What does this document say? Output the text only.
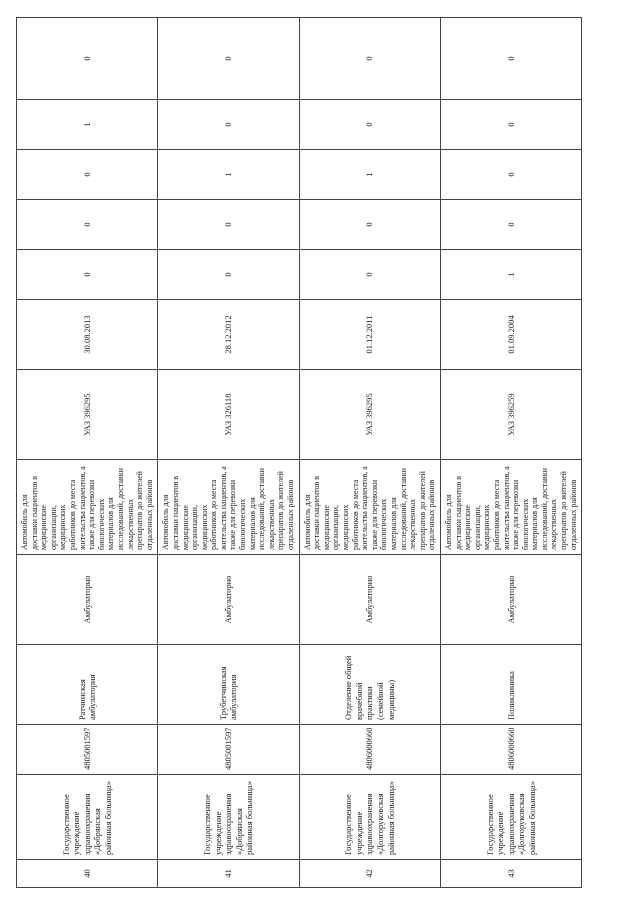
40	Государственное учреждение здравоохранения «Добрянская районная больница»	4805001597	Ратчинская амбулатория	Амбулаторно	Автомобиль для доставки пациентов в медицинские организации, медицинских работников до места жительства пациентов, а также для перевозки биологических материалов для исследований, доставки лекарственных препаратов до жителей отдаленных районов	УАЗ 396295	30.08.2013	0	0	0	1	0
41	Государственное учреждение здравоохранения «Добрянская районная больница»	4805001597	Трубетчинская амбулатория	Амбулаторно	Автомобиль для доставки пациентов в медицинские организации, медицинских работников до места жительства пациентов, а также для перевозки биологических материалов для исследований, доставки лекарственных препаратов до жителей отдаленных районов	УАЗ 326118	28.12.2012	0	0	1	0	0
42	Государственное учреждение здравоохранения «Долгоруковская районная больница»	4806000660	Отделение общей врачебной практики (семейной медицины)	Амбулаторно	Автомобиль для доставки пациентов в медицинские организации, медицинских работников до места жительства пациентов, а также для перевозки биологических материалов для исследований, доставки лекарственных препаратов до жителей отдаленных районов	УАЗ 396295	01.12.2011	0	0	1	0	0
43	Государственное учреждение здравоохранения «Долгоруковская районная больница»	4806000660	Поликлиника	Амбулаторно	Автомобиль для доставки пациентов в медицинские организации, медицинских работников до места жительства пациентов, а также для перевозки биологических материалов для исследований, доставки лекарственных препаратов до жителей отдаленных районов	УАЗ 396259	01.09.2004	1	0	0	0	0
